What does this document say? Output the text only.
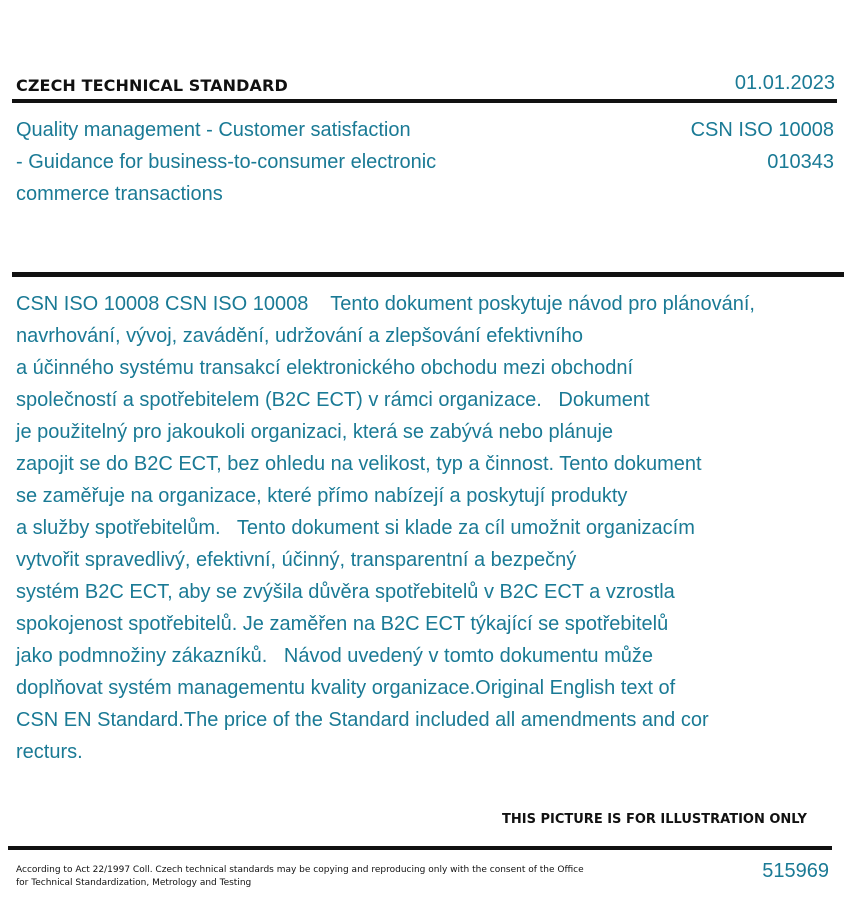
CZECH TECHNICAL STANDARD	01.01.2023
Quality management - Customer satisfaction
- Guidance for business-to-consumer electronic
commerce transactions
CSN ISO 10008
010343
CSN ISO 10008 CSN ISO 10008    Tento dokument poskytuje návod pro plánování,
navrhování, vývoj, zavádění, udržování a zlepšování efektivního
a účinného systému transakcí elektronického obchodu mezi obchodní
společností a spotřebitelem (B2C ECT) v rámci organizace.   Dokument
je použitelný pro jakoukoli organizaci, která se zabývá nebo plánuje
zapojit se do B2C ECT, bez ohledu na velikost, typ a činnost. Tento dokument
se zaměřuje na organizace, které přímo nabízejí a poskytují produkty
a služby spotřebitelům.   Tento dokument si klade za cíl umožnit organizacím
vytvořit spravedlivý, efektivní, účinný, transparentní a bezpečný
systém B2C ECT, aby se zvýšila důvěra spotřebitelů v B2C ECT a vzrostla
spokojenost spotřebitelů. Je zaměřen na B2C ECT týkající se spotřebitelů
jako podmnožiny zákazníků.   Návod uvedený v tomto dokumentu může
doplňovat systém managementu kvality organizace.Original English text of
CSN EN Standard.The price of the Standard included all amendments and cor
recturs.
THIS PICTURE IS FOR ILLUSTRATION ONLY
According to Act 22/1997 Coll. Czech technical standards may be copying and reproducing only with the consent of the Office
for Technical Standardization, Metrology and Testing
515969
